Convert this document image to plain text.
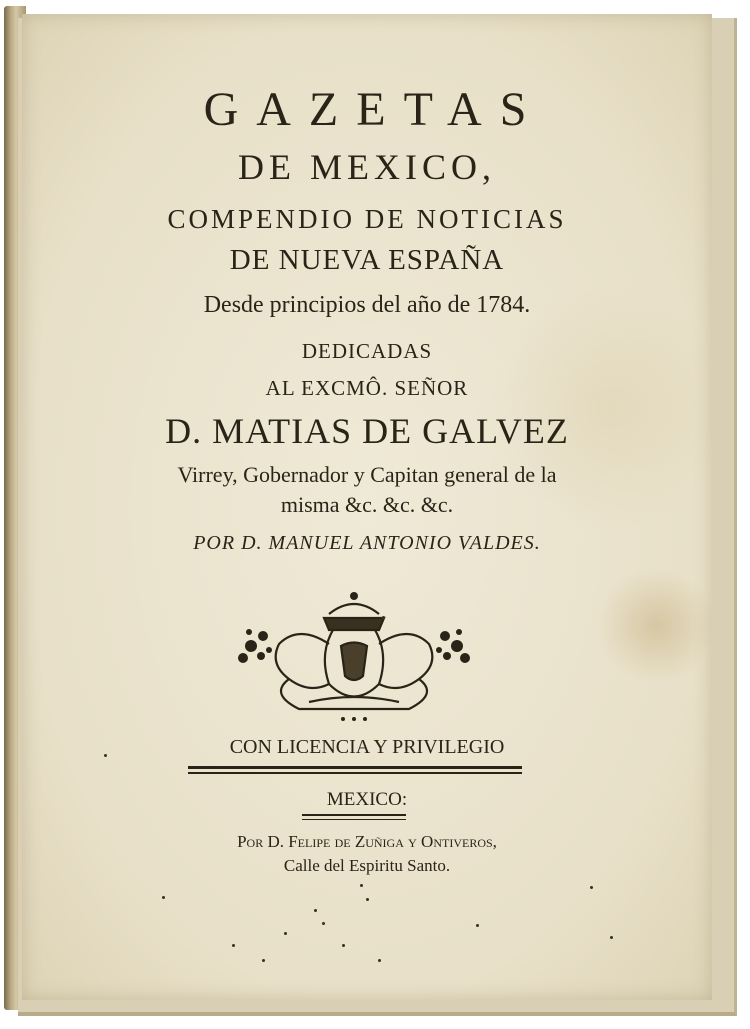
GAZETAS
DE MEXICO,
COMPENDIO DE NOTICIAS
DE NUEVA ESPAÑA
Desde principios del año de 1784.
DEDICADAS
AL EXCMÔ. SEÑOR
D. MATIAS DE GALVEZ
Virrey, Gobernador y Capitan general de la
misma &c. &c. &c.
POR D. MANUEL ANTONIO VALDES.
CON LICENCIA Y PRIVILEGIO
MEXICO:
Por D. Felipe de Zuñiga y Ontiveros,
Calle del Espiritu Santo.
